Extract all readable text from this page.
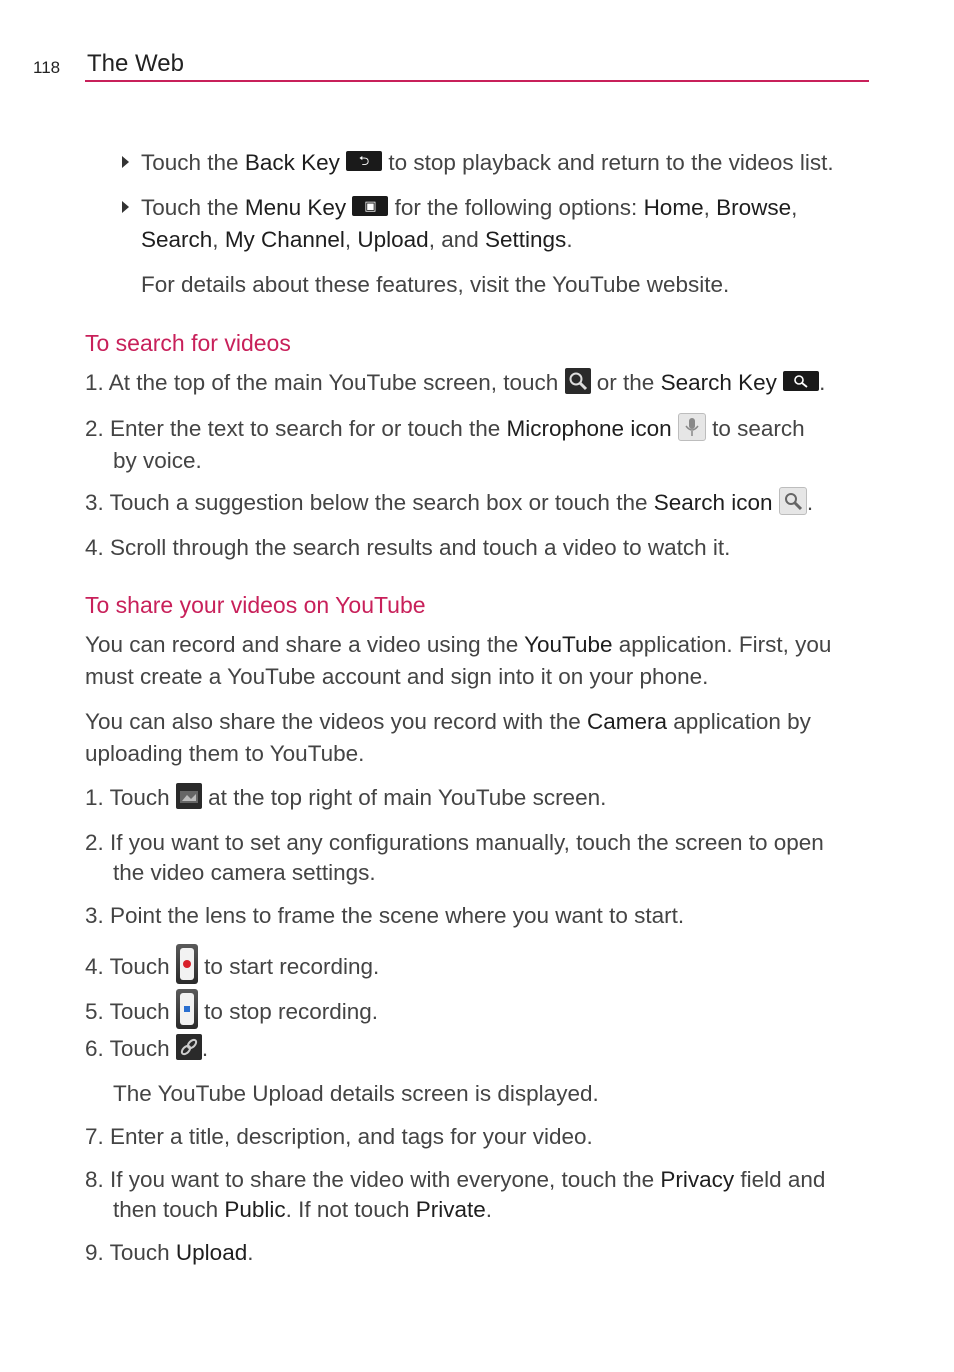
118 The Web
Touch the Back Key ⮌ to stop playback and return to the videos list.
Touch the Menu Key ▣ for the following options: Home, Browse,
Search, My Channel, Upload, and Settings.
For details about these features, visit the YouTube website.
To search for videos
1. At the top of the main YouTube screen, touch  or the Search Key .
2. Enter the text to search for or touch the Microphone icon  to search
by voice.
3. Touch a suggestion below the search box or touch the Search icon .
4. Scroll through the search results and touch a video to watch it.
To share your videos on YouTube
You can record and share a video using the YouTube application. First, you
must create a YouTube account and sign into it on your phone.
You can also share the videos you record with the Camera application by
uploading them to YouTube.
1. Touch  at the top right of main YouTube screen.
2. If you want to set any configurations manually, touch the screen to open
the video camera settings.
3. Point the lens to frame the scene where you want to start.
4. Touch  to start recording.
5. Touch  to stop recording.
6. Touch .
The YouTube Upload details screen is displayed.
7. Enter a title, description, and tags for your video.
8. If you want to share the video with everyone, touch the Privacy field and
then touch Public. If not touch Private.
9. Touch Upload.
